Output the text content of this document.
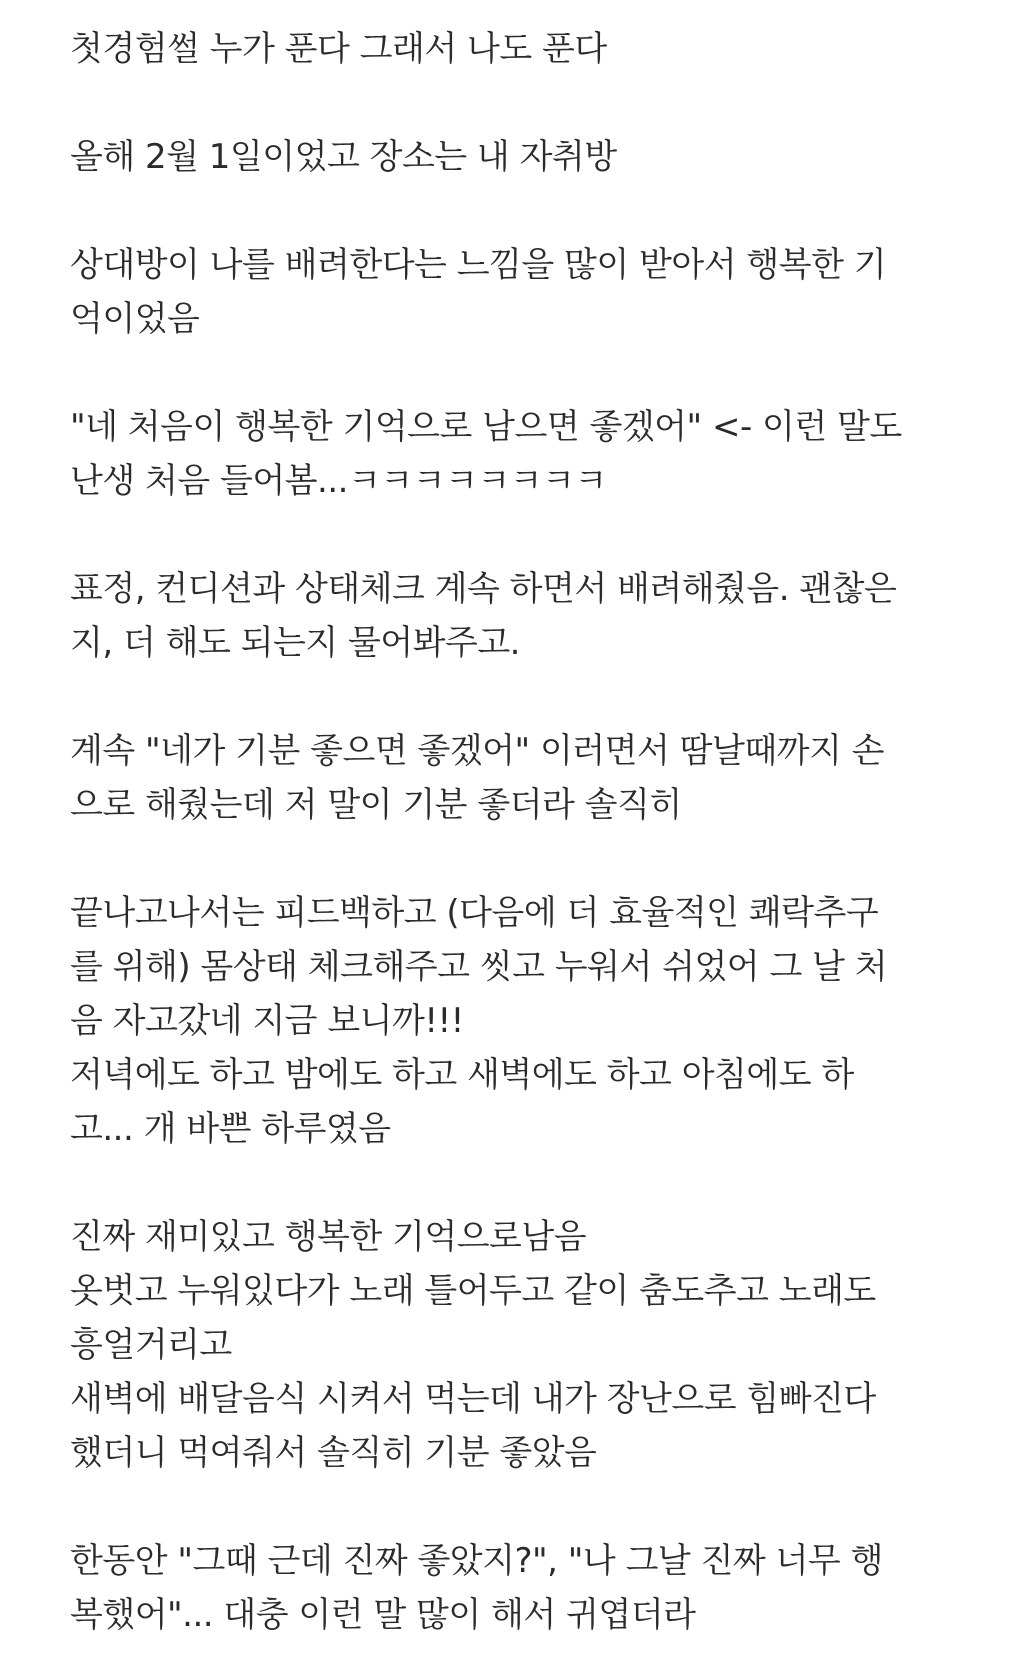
첫경험썰 누가 푼다 그래서 나도 푼다
올해 2월 1일이었고 장소는 내 자취방
상대방이 나를 배려한다는 느낌을 많이 받아서 행복한 기
억이었음
"네 처음이 행복한 기억으로 남으면 좋겠어" <- 이런 말도
난생 처음 들어봄...ㅋㅋㅋㅋㅋㅋㅋㅋ
표정, 컨디션과 상태체크 계속 하면서 배려해줬음. 괜찮은
지, 더 해도 되는지 물어봐주고.
계속 "네가 기분 좋으면 좋겠어" 이러면서 땀날때까지 손
으로 해줬는데 저 말이 기분 좋더라 솔직히
끝나고나서는 피드백하고 (다음에 더 효율적인 쾌락추구
를 위해) 몸상태 체크해주고 씻고 누워서 쉬었어 그 날 처
음 자고갔네 지금 보니까!!!
저녁에도 하고 밤에도 하고 새벽에도 하고 아침에도 하
고... 개 바쁜 하루였음
진짜 재미있고 행복한 기억으로남음
옷벗고 누워있다가 노래 틀어두고 같이 춤도추고 노래도
흥얼거리고
새벽에 배달음식 시켜서 먹는데 내가 장난으로 힘빠진다
했더니 먹여줘서 솔직히 기분 좋았음
한동안 "그때 근데 진짜 좋았지?", "나 그날 진짜 너무 행
복했어"... 대충 이런 말 많이 해서 귀엽더라
